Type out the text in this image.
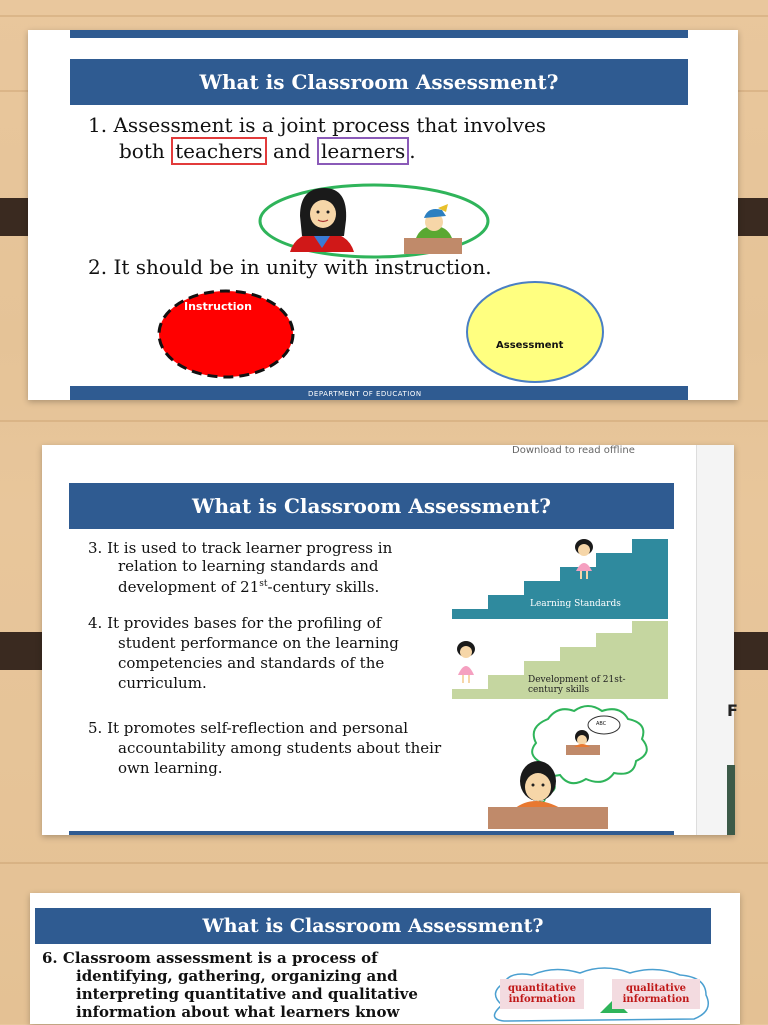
What is Classroom Assessment?
1. Assessment is a joint process that involves
both teachers and learners .
2. It should be in unity with instruction.
Instruction
Assessment
DEPARTMENT OF EDUCATION
Download to read offline
What is Classroom Assessment?
3. It is used to track learner progress in
relation to learning standards and
development of 21st-century skills.
4. It provides bases for the profiling of
student performance on the learning
competencies and standards of the
curriculum.
5. It promotes self-reflection and personal
accountability among students about their
own learning.
Learning Standards
Development of 21st-
century skills
ABC
F
What is Classroom Assessment?
6. Classroom assessment is a process of
identifying, gathering, organizing and
interpreting quantitative and qualitative
information about what learners know
quantitative
information
qualitative
information
